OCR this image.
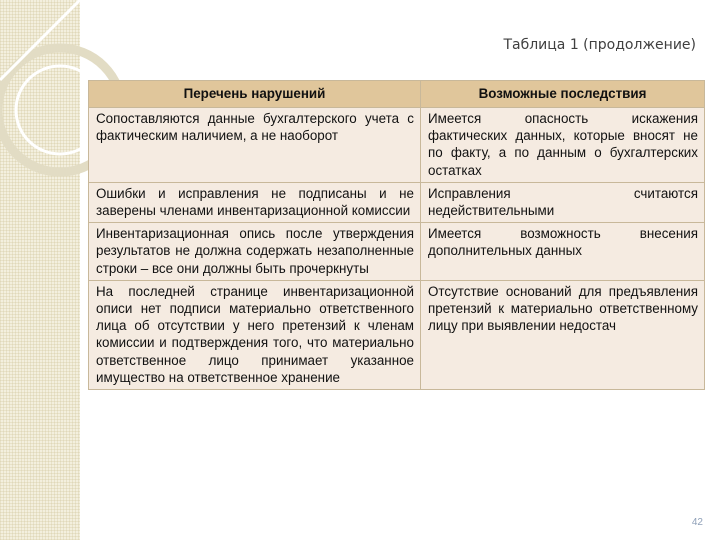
Таблица 1 (продолжение)
Перечень нарушений	Возможные последствия
Сопоставляются данные бухгалтерского учета с фактическим наличием, а не наоборот	Имеется опасность искажения фактических данных, которые вносят не по факту, а по данным о бухгалтерских остатках
Ошибки и исправления не подписаны и не заверены членами инвентаризационной комиссии	Исправления считаются недействительными
Инвентаризационная опись после утверждения результатов не должна содержать незаполненные строки – все они должны быть прочеркнуты	Имеется возможность внесения дополнительных данных
На последней странице инвентаризационной описи нет подписи материально ответственного лица об отсутствии у него претензий к членам комиссии и подтверждения того, что материально ответственное лицо принимает указанное имущество на ответственное хранение	Отсутствие оснований для предъявления претензий к материально ответственному лицу при выявлении недостач
42
